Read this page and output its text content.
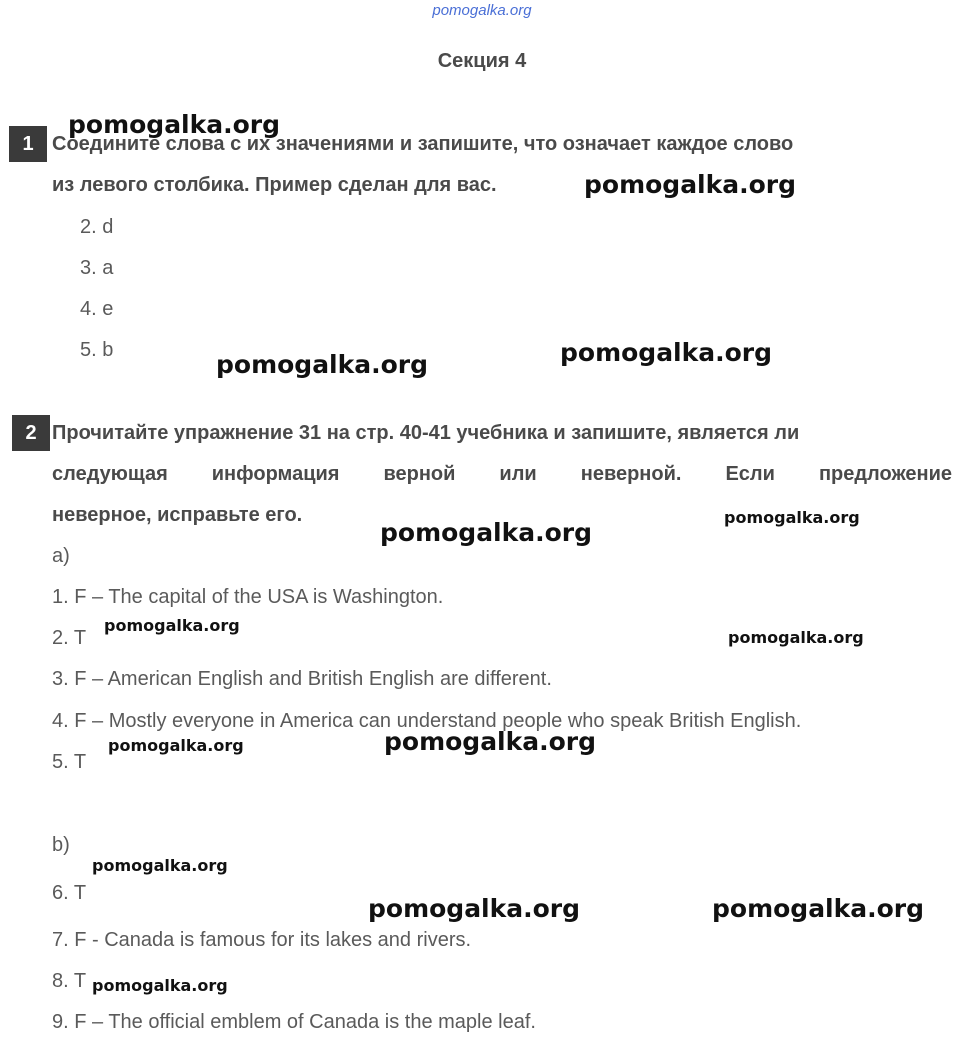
pomogalka.org
Секция 4
1 Соедините слова с их значениями и запишите, что означает каждое слово
из левого столбика. Пример сделан для вас.
2. d
3. a
4. e
5. b
2 Прочитайте упражнение 31 на стр. 40-41 учебника и запишите, является ли
следующая информация верной или неверной. Если предложение
неверное, исправьте его.
a)
1. F – The capital of the USA is Washington.
2. T
3. F – American English and British English are different.
4. F – Mostly everyone in America can understand people who speak British English.
5. T
b)
6. T
7. F - Canada is famous for its lakes and rivers.
8. T
9. F – The official emblem of Canada is the maple leaf.
pomogalka.org
pomogalka.org
pomogalka.org	pomogalka.org
pomogalka.org
pomogalka.org
pomogalka.org
pomogalka.org
pomogalka.org
pomogalka.org
pomogalka.org
pomogalka.org	pomogalka.org
pomogalka.org
